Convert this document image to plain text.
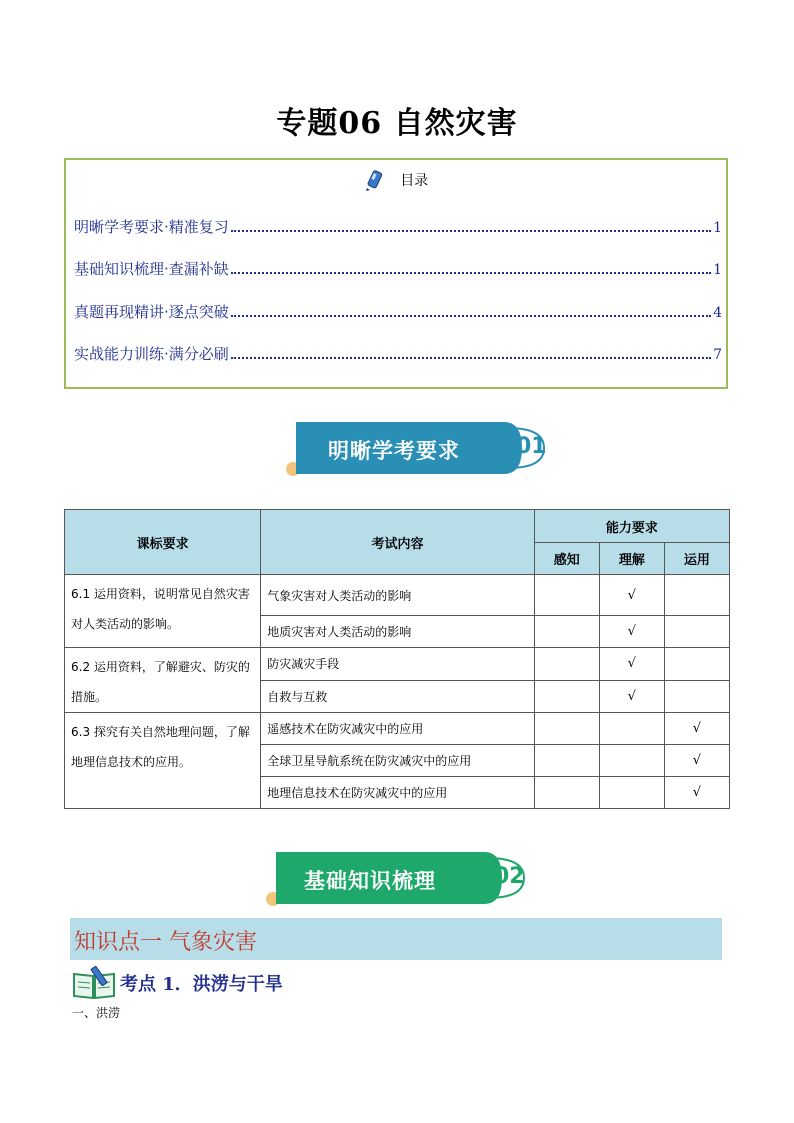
专题06 自然灾害
目录
明晰学考要求·精准复习	1
基础知识梳理·查漏补缺	1
真题再现精讲·逐点突破	4
实战能力训练·满分必刷	7
明晰学考要求	01
课标要求	考试内容	能力要求		
		感知	理解	运用
6.1 运用资料，说明常见自然灾害对人类活动的影响。	气象灾害对人类活动的影响		√	
	地质灾害对人类活动的影响		√	
6.2 运用资料，了解避灾、防灾的措施。	防灾减灾手段		√	
	自救与互救		√	
6.3 探究有关自然地理问题，了解地理信息技术的应用。	遥感技术在防灾减灾中的应用			√
	全球卫星导航系统在防灾减灾中的应用			√
	地理信息技术在防灾减灾中的应用			√
基础知识梳理	02
知识点一 气象灾害
考点 1．洪涝与干旱
一、洪涝
